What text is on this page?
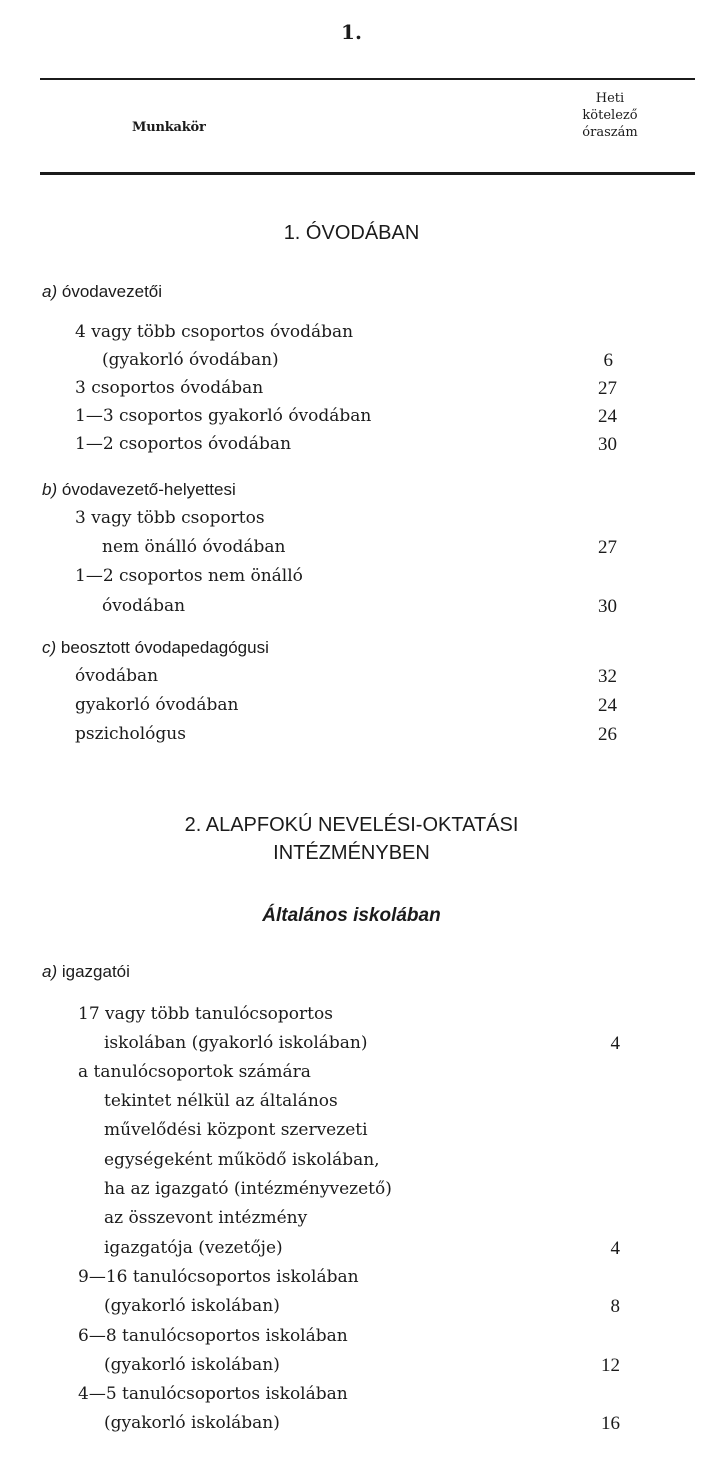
1.
Munkakör
Heti
kötelező
óraszám
1. ÓVODÁBAN
a) óvodavezetői
4 vagy több csoportos óvodában
(gyakorló óvodában)	6
3 csoportos óvodában	27
1—3 csoportos gyakorló óvodában	24
1—2 csoportos óvodában	30
b) óvodavezető-helyettesi
3 vagy több csoportos
nem önálló óvodában	27
1—2 csoportos nem önálló
óvodában	30
c) beosztott óvodapedagógusi
óvodában	32
gyakorló óvodában	24
pszichológus	26
2. ALAPFOKÚ NEVELÉSI-OKTATÁSI
INTÉZMÉNYBEN
Általános iskolában
a) igazgatói
17 vagy több tanulócsoportos
iskolában (gyakorló iskolában)	4
a tanulócsoportok számára
tekintet nélkül az általános
művelődési központ szervezeti
egységeként működő iskolában,
ha az igazgató (intézményvezető)
az összevont intézmény
igazgatója (vezetője)	4
9—16 tanulócsoportos iskolában
(gyakorló iskolában)	8
6—8 tanulócsoportos iskolában
(gyakorló iskolában)	12
4—5 tanulócsoportos iskolában
(gyakorló iskolában)	16
